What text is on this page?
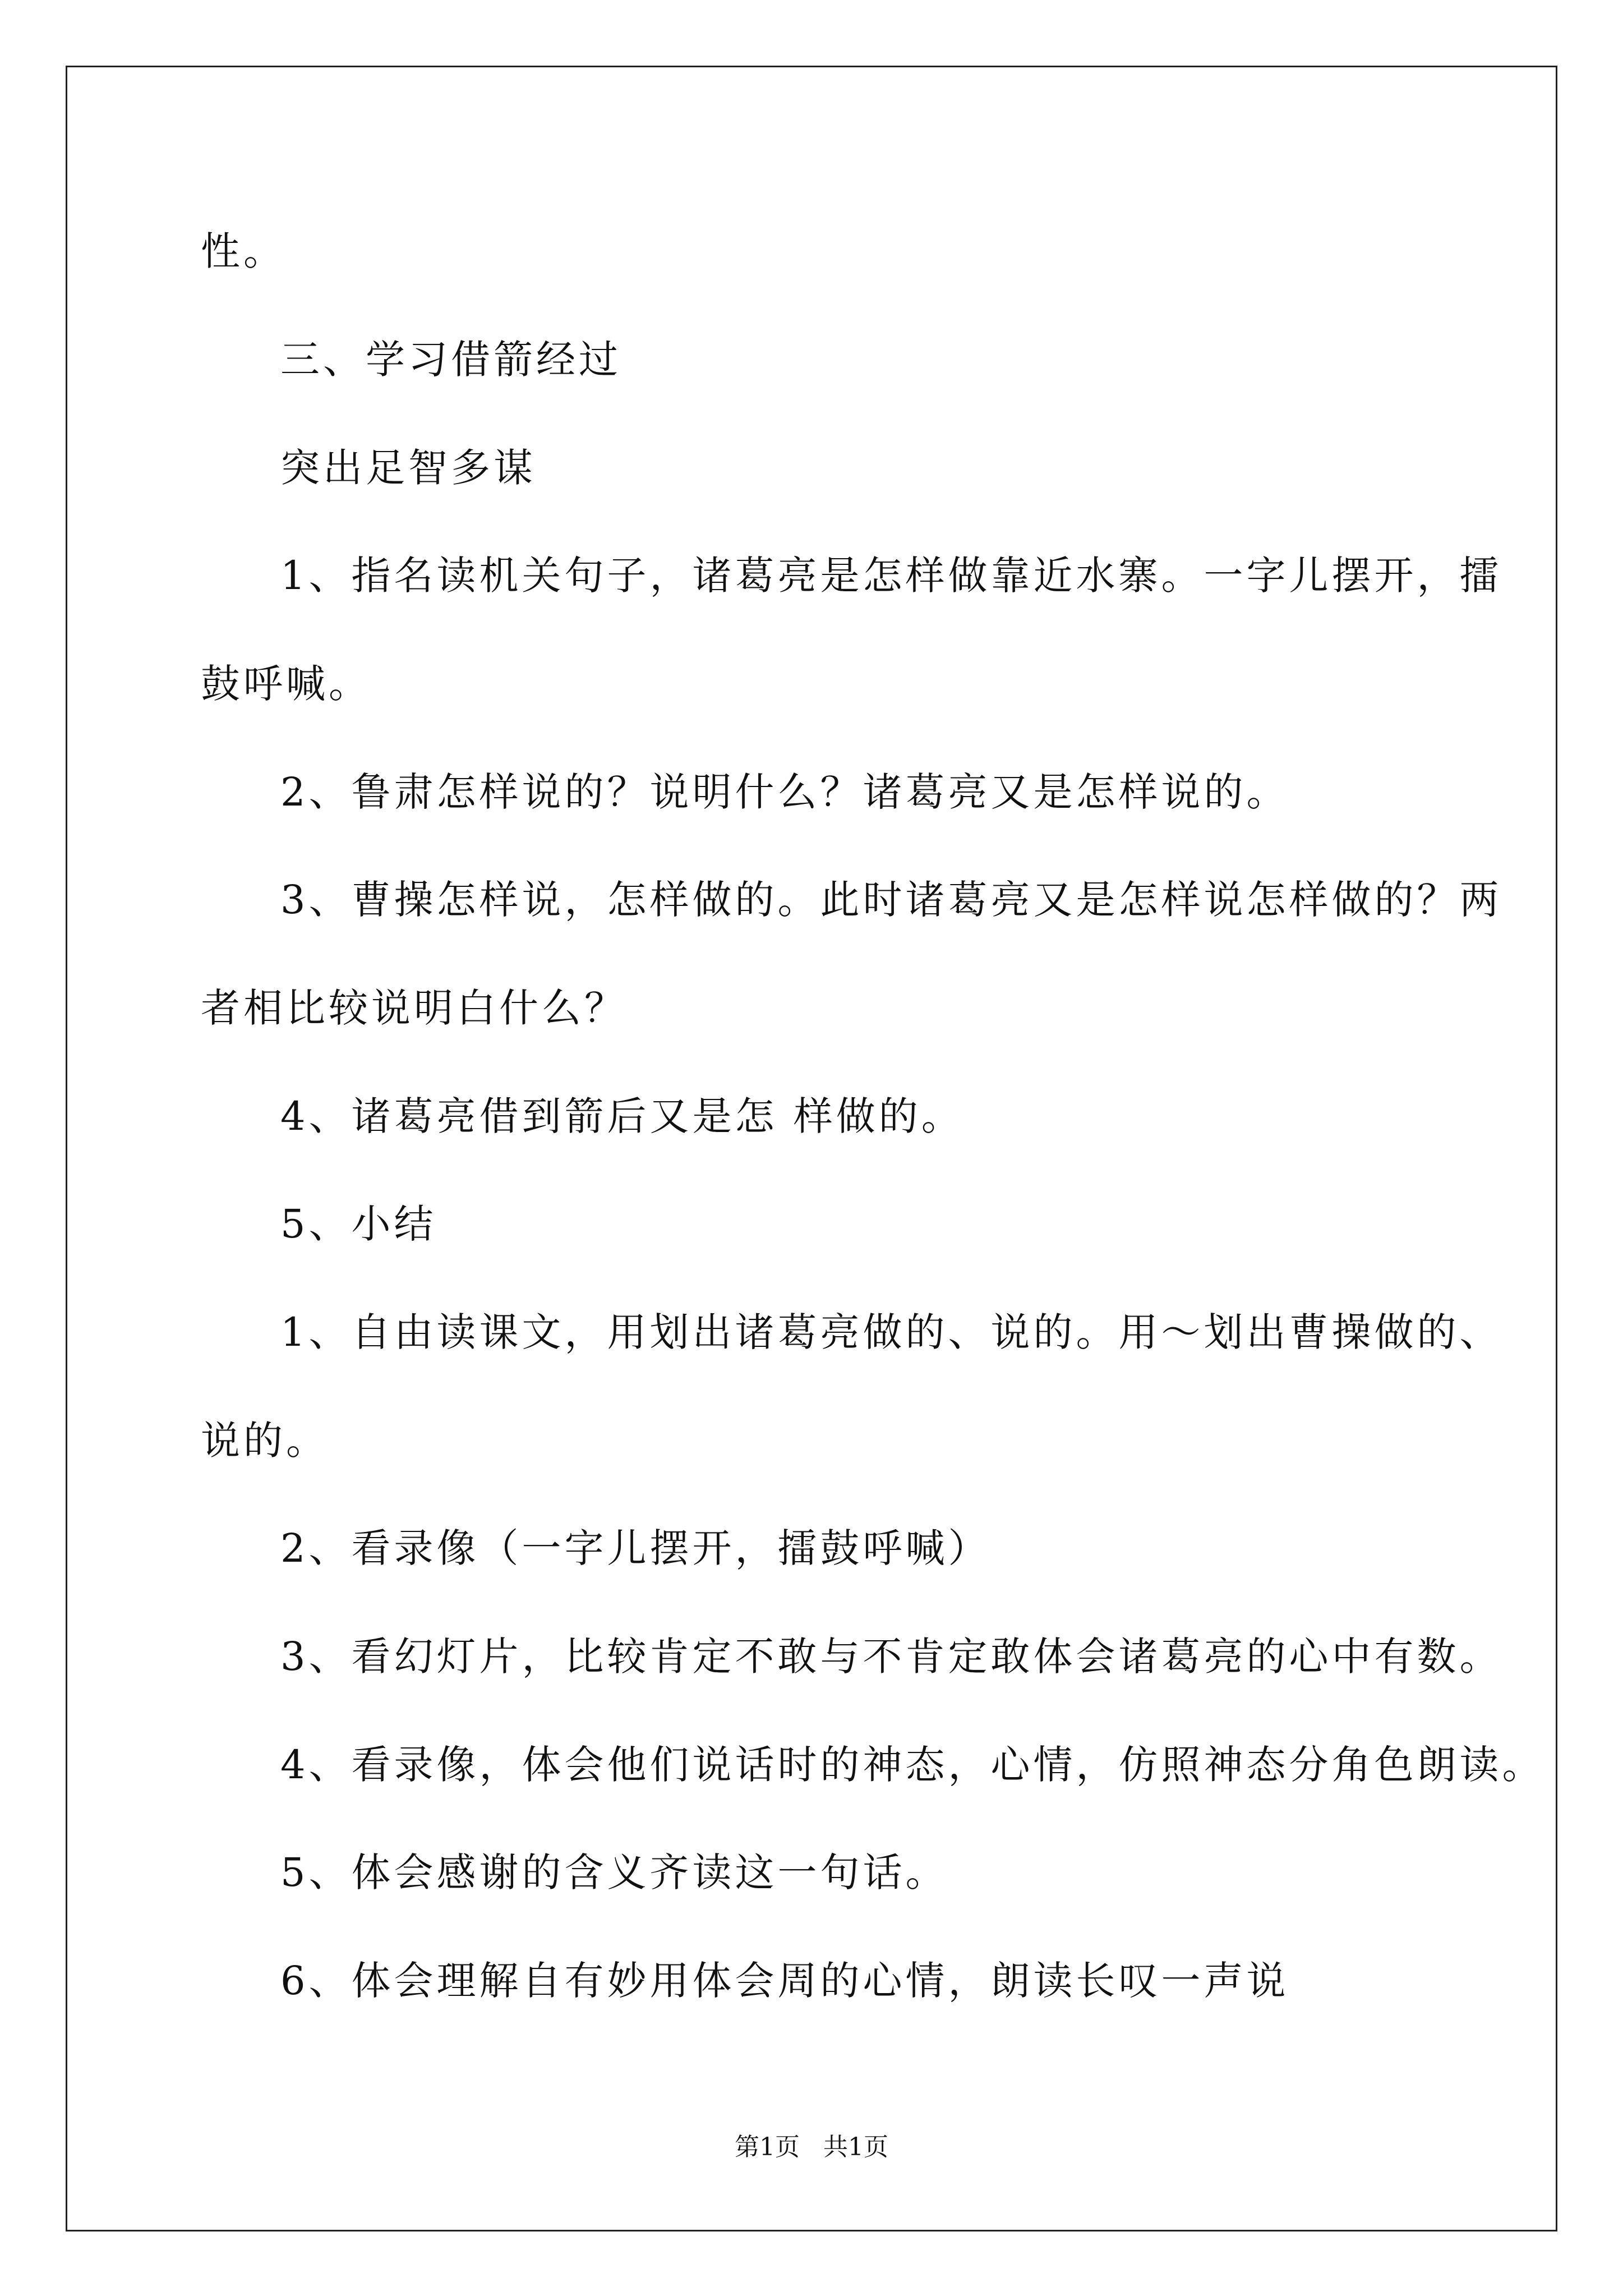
性。
三、学习借箭经过
突出足智多谋
1、指名读机关句子，诸葛亮是怎样做靠近水寨。一字儿摆开，擂
鼓呼喊。
2、鲁肃怎样说的？说明什么？诸葛亮又是怎样说的。
3、曹操怎样说，怎样做的。此时诸葛亮又是怎样说怎样做的？两
者相比较说明白什么？
4、诸葛亮借到箭后又是怎 样做的。
5、小结
1、自由读课文，用划出诸葛亮做的、说的。用～划出曹操做的、
说的。
2、看录像（一字儿摆开，擂鼓呼喊）
3、看幻灯片，比较肯定不敢与不肯定敢体会诸葛亮的心中有数。
4、看录像，体会他们说话时的神态，心情，仿照神态分角色朗读。
5、体会感谢的含义齐读这一句话。
6、体会理解自有妙用体会周的心情，朗读长叹一声说
第1页   共1页
